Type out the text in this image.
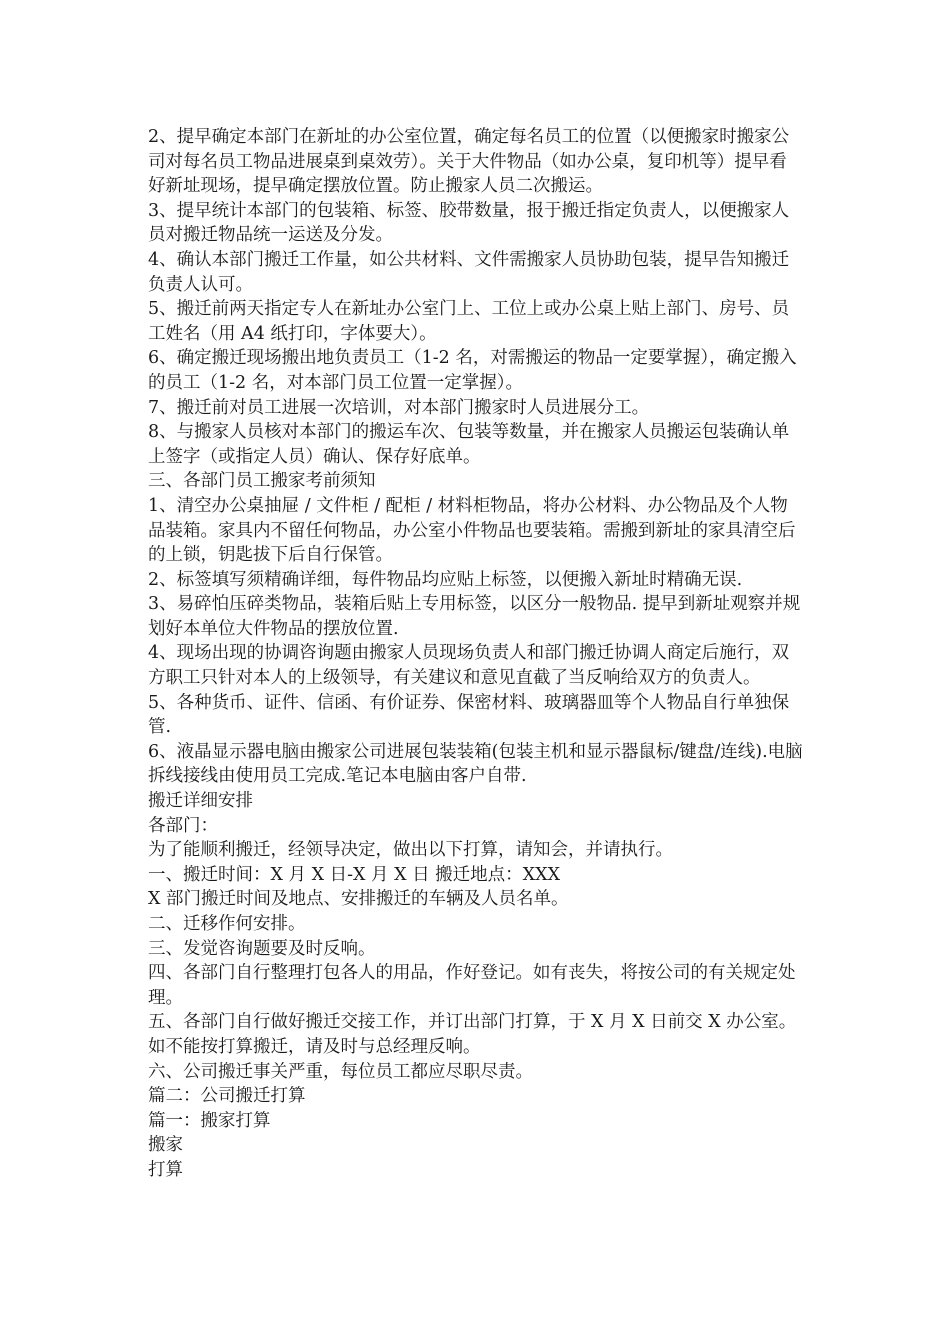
2、提早确定本部门在新址的办公室位置，确定每名员工的位置（以便搬家时搬家公司对每名员工物品进展桌到桌效劳）。关于大件物品（如办公桌，复印机等）提早看好新址现场，提早确定摆放位置。防止搬家人员二次搬运。

3、提早统计本部门的包装箱、标签、胶带数量，报于搬迁指定负责人，以便搬家人员对搬迁物品统一运送及分发。

4、确认本部门搬迁工作量，如公共材料、文件需搬家人员协助包装，提早告知搬迁负责人认可。

5、搬迁前两天指定专人在新址办公室门上、工位上或办公桌上贴上部门、房号、员工姓名（用 A4 纸打印，字体要大）。

6、确定搬迁现场搬出地负责员工（1-2 名，对需搬运的物品一定要掌握），确定搬入的员工（1-2 名，对本部门员工位置一定掌握）。

7、搬迁前对员工进展一次培训，对本部门搬家时人员进展分工。

8、与搬家人员核对本部门的搬运车次、包装等数量，并在搬家人员搬运包装确认单上签字（或指定人员）确认、保存好底单。

三、各部门员工搬家考前须知

1、清空办公桌抽屉 / 文件柜 / 配柜 / 材料柜物品，将办公材料、办公物品及个人物品装箱。家具内不留任何物品，办公室小件物品也要装箱。需搬到新址的家具清空后的上锁，钥匙拔下后自行保管。

2、标签填写须精确详细，每件物品均应贴上标签，以便搬入新址时精确无误.

3、易碎怕压碎类物品，装箱后贴上专用标签，以区分一般物品. 提早到新址观察并规划好本单位大件物品的摆放位置.

4、现场出现的协调咨询题由搬家人员现场负责人和部门搬迁协调人商定后施行，双方职工只针对本人的上级领导，有关建议和意见直截了当反响给双方的负责人。

5、各种货币、证件、信函、有价证券、保密材料、玻璃器皿等个人物品自行单独保管.

6、液晶显示器电脑由搬家公司进展包装装箱(包装主机和显示器鼠标/键盘/连线).电脑拆线接线由使用员工完成.笔记本电脑由客户自带.

搬迁详细安排

各部门：

为了能顺利搬迁，经领导决定，做出以下打算，请知会，并请执行。

一、搬迁时间：X 月 X 日-X 月 X 日 搬迁地点：XXX

X 部门搬迁时间及地点、安排搬迁的车辆及人员名单。

二、迁移作何安排。

三、发觉咨询题要及时反响。

四、各部门自行整理打包各人的用品，作好登记。如有丧失，将按公司的有关规定处理。

五、各部门自行做好搬迁交接工作，并订出部门打算，于 X 月 X 日前交 X 办公室。如不能按打算搬迁，请及时与总经理反响。

六、公司搬迁事关严重，每位员工都应尽职尽责。

篇二：公司搬迁打算

篇一：搬家打算

搬家

打算
